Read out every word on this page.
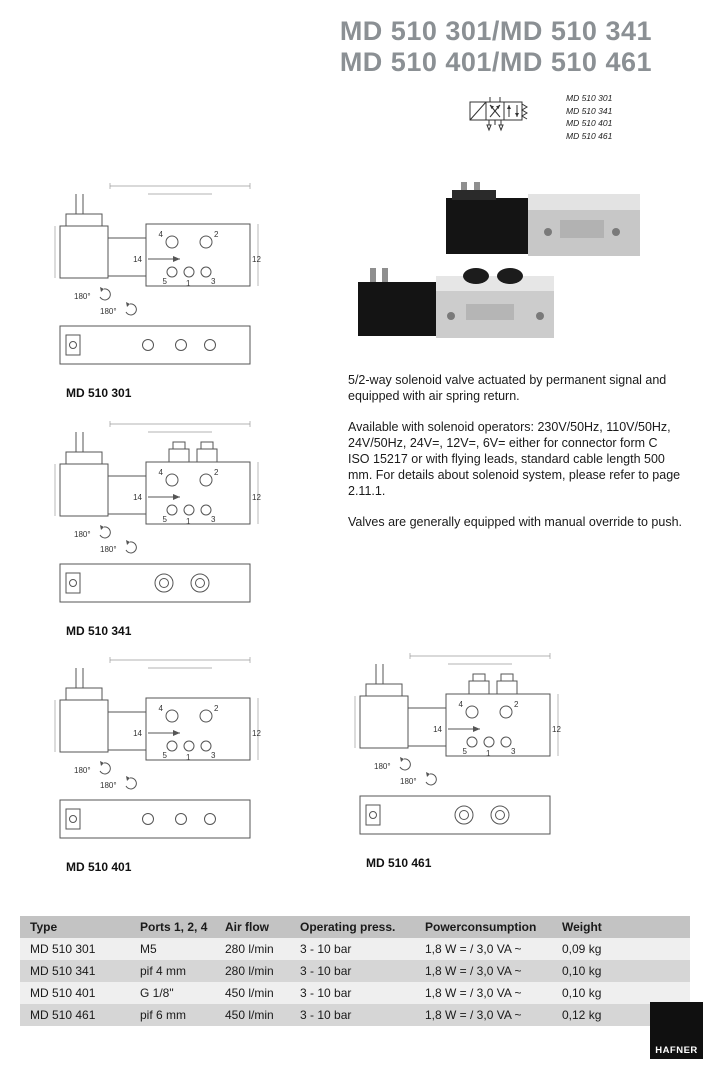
MD 510 301/MD 510 341
MD 510 401/MD 510 461
MD 510 301
MD 510 341
MD 510 401
MD 510 461
4	2
14	12
5 1	3
180°
180°
MD 510 301
4	2
14	12
5 1	3
180°
180°
MD 510 341
4	2
14	12
5 1	3
180°
180°
MD 510 401
4	2
14	12
5 1	3
180°
180°
MD 510 461

5/2-way solenoid valve actuated by permanent signal and equipped with air spring return.

Available with solenoid operators: 230V/50Hz, 110V/50Hz, 24V/50Hz, 24V=, 12V=, 6V= either for connector form C ISO 15217 or with flying leads, standard cable length 500 mm. For details about solenoid system, please refer to page 2.11.1.

Valves are generally equipped with manual override to push.

Type	Ports 1, 2, 4	Air flow	Operating press.	Powerconsumption	Weight
MD 510 301	M5	280 l/min	3 - 10 bar	1,8 W = / 3,0 VA ~	0,09 kg
MD 510 341	pif 4 mm	280 l/min	3 - 10 bar	1,8 W = / 3,0 VA ~	0,10 kg
MD 510 401	G 1/8"	450 l/min	3 - 10 bar	1,8 W = / 3,0 VA ~	0,10 kg
MD 510 461	pif 6 mm	450 l/min	3 - 10 bar	1,8 W = / 3,0 VA ~	0,12 kg
HAFNER
